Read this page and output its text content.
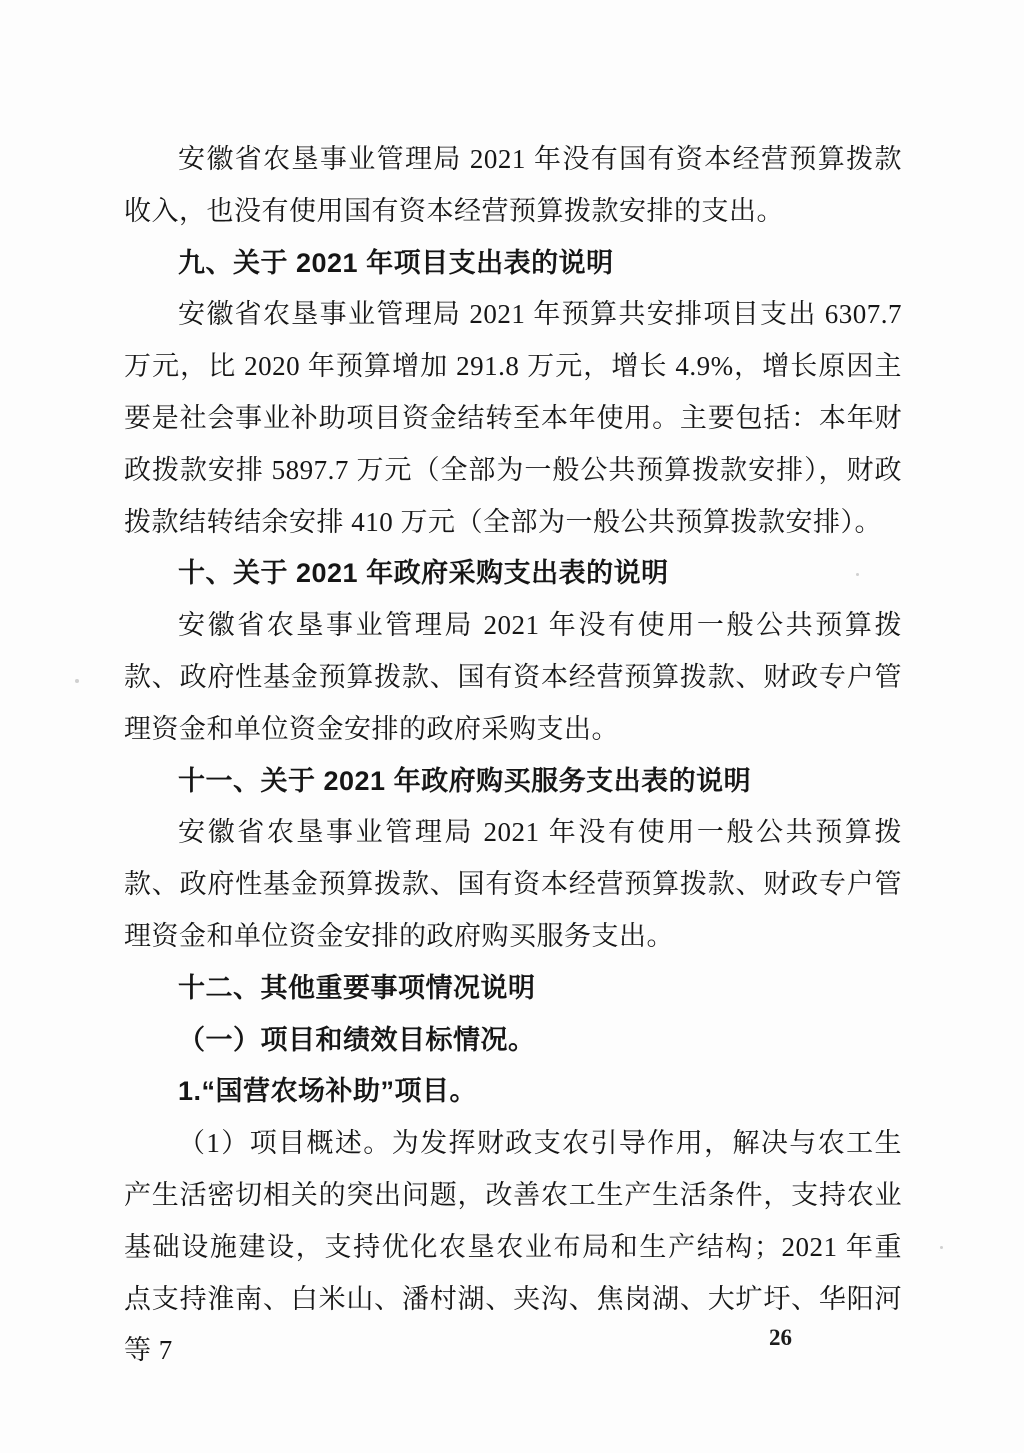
安徽省农垦事业管理局 2021 年没有国有资本经营预算拨款收入，也没有使用国有资本经营预算拨款安排的支出。

九、关于 2021 年项目支出表的说明

安徽省农垦事业管理局 2021 年预算共安排项目支出 6307.7 万元，比 2020 年预算增加 291.8 万元，增长 4.9%，增长原因主要是社会事业补助项目资金结转至本年使用。主要包括：本年财政拨款安排 5897.7 万元（全部为一般公共预算拨款安排），财政拨款结转结余安排 410 万元（全部为一般公共预算拨款安排）。

十、关于 2021 年政府采购支出表的说明

安徽省农垦事业管理局 2021 年没有使用一般公共预算拨款、政府性基金预算拨款、国有资本经营预算拨款、财政专户管理资金和单位资金安排的政府采购支出。

十一、关于 2021 年政府购买服务支出表的说明

安徽省农垦事业管理局 2021 年没有使用一般公共预算拨款、政府性基金预算拨款、国有资本经营预算拨款、财政专户管理资金和单位资金安排的政府购买服务支出。

十二、其他重要事项情况说明
（一）项目和绩效目标情况。
1.“国营农场补助”项目。

（1）项目概述。为发挥财政支农引导作用，解决与农工生产生活密切相关的突出问题，改善农工生产生活条件，支持农业基础设施建设，支持优化农垦农业布局和生产结构；2021 年重点支持淮南、白米山、潘村湖、夹沟、焦岗湖、大圹圩、华阳河等 7	26
